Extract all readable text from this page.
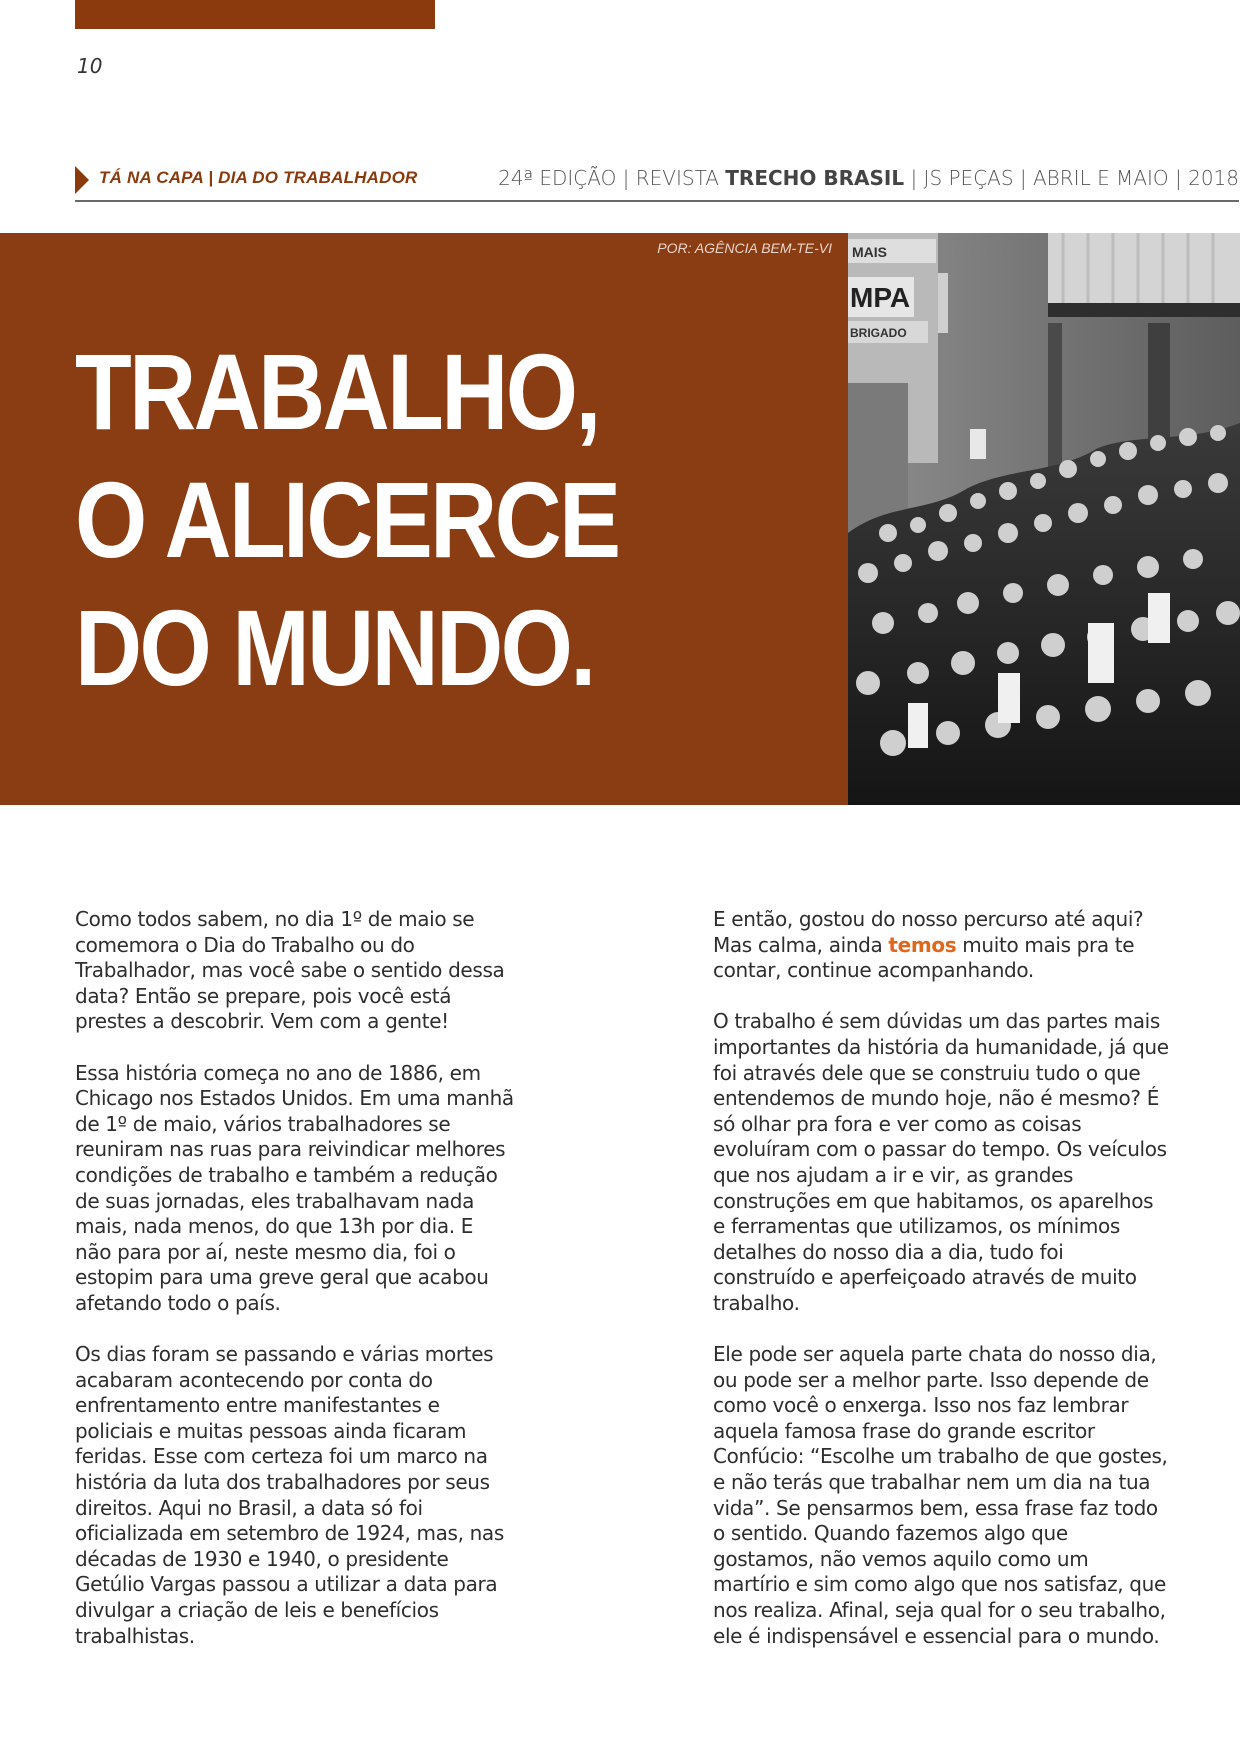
10
TÁ NA CAPA | DIA DO TRABALHADOR	24ª EDIÇÃO | REVISTA TRECHO BRASIL | JS PEÇAS | ABRIL E MAIO | 2018
POR: AGÊNCIA BEM-TE-VI
TRABALHO,
O ALICERCE
DO MUNDO.
MAIS
MPA
BRIGADO

Como todos sabem, no dia 1º de maio se comemora o Dia do Trabalho ou do Trabalhador, mas você sabe o sentido dessa data? Então se prepare, pois você está prestes a descobrir. Vem com a gente!

Essa história começa no ano de 1886, em Chicago nos Estados Unidos. Em uma manhã de 1º de maio, vários trabalhadores se reuniram nas ruas para reivindicar melhores condições de trabalho e também a redução de suas jornadas, eles trabalhavam nada mais, nada menos, do que 13h por dia. E não para por aí, neste mesmo dia, foi o estopim para uma greve geral que acabou afetando todo o país.

Os dias foram se passando e várias mortes acabaram acontecendo por conta do enfrentamento entre manifestantes e policiais e muitas pessoas ainda ficaram feridas. Esse com certeza foi um marco na história da luta dos trabalhadores por seus direitos. Aqui no Brasil, a data só foi oficializada em setembro de 1924, mas, nas décadas de 1930 e 1940, o presidente Getúlio Vargas passou a utilizar a data para divulgar a criação de leis e benefícios trabalhistas.

E então, gostou do nosso percurso até aqui? Mas calma, ainda temos muito mais pra te contar, continue acompanhando.

O trabalho é sem dúvidas um das partes mais importantes da história da humanidade, já que foi através dele que se construiu tudo o que entendemos de mundo hoje, não é mesmo? É só olhar pra fora e ver como as coisas evoluíram com o passar do tempo. Os veículos que nos ajudam a ir e vir, as grandes construções em que habitamos, os aparelhos e ferramentas que utilizamos, os mínimos detalhes do nosso dia a dia, tudo foi construído e aperfeiçoado através de muito trabalho.

Ele pode ser aquela parte chata do nosso dia, ou pode ser a melhor parte. Isso depende de como você o enxerga. Isso nos faz lembrar aquela famosa frase do grande escritor Confúcio: “Escolhe um trabalho de que gostes, e não terás que trabalhar nem um dia na tua vida”. Se pensarmos bem, essa frase faz todo o sentido. Quando fazemos algo que gostamos, não vemos aquilo como um martírio e sim como algo que nos satisfaz, que nos realiza. Afinal, seja qual for o seu trabalho, ele é indispensável e essencial para o mundo.
